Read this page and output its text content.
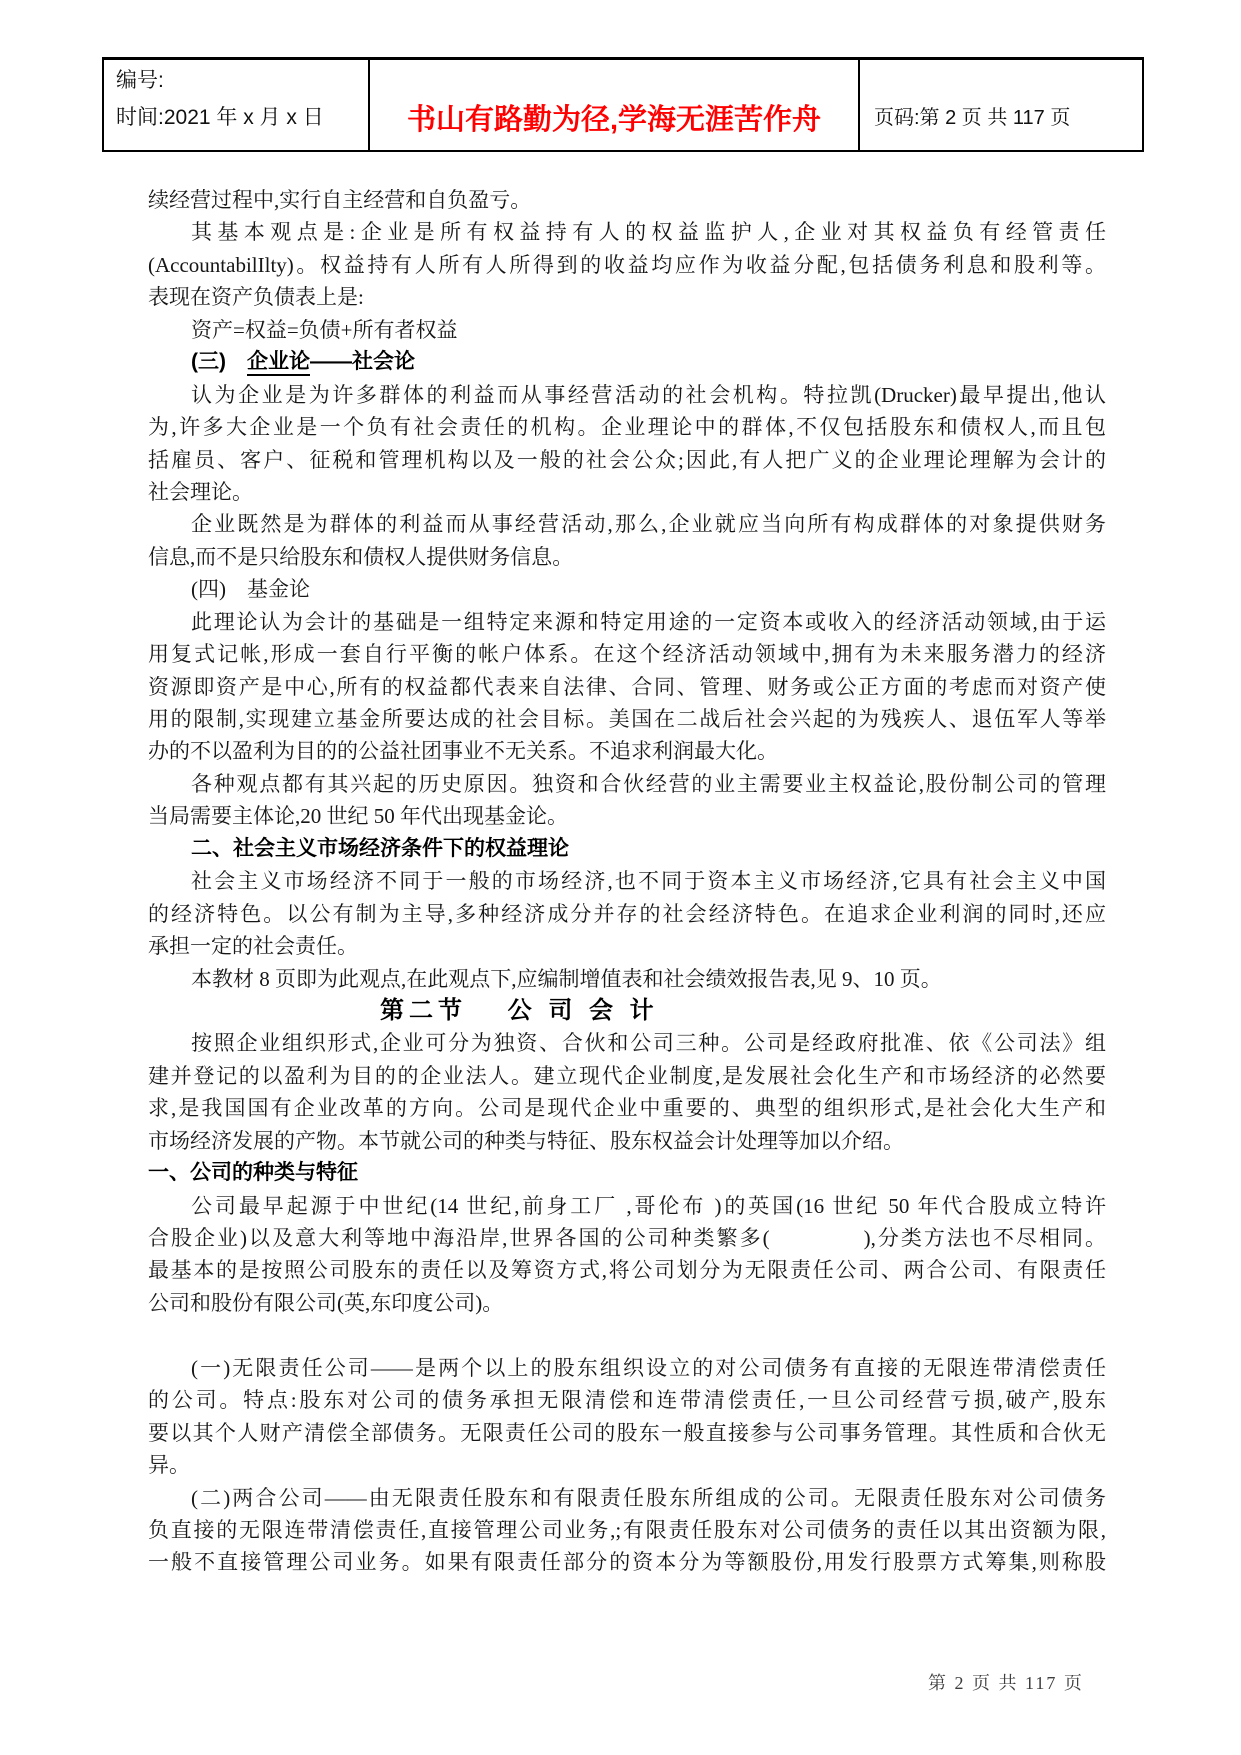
编号:
时间:2021 年 x 月 x 日	书山有路勤为径,学海无涯苦作舟	页码:第 2 页 共 117 页
续经营过程中,实行自主经营和自负盈亏。
其基本观点是:企业是所有权益持有人的权益监护人,企业对其权益负有经管责任
(AccountabilIlty)。权益持有人所有人所得到的收益均应作为收益分配,包括债务利息和股利等。
表现在资产负债表上是:
资产=权益=负债+所有者权益
(三)　企业论——社会论
认为企业是为许多群体的利益而从事经营活动的社会机构。特拉凯(Drucker)最早提出,他认
为,许多大企业是一个负有社会责任的机构。企业理论中的群体,不仅包括股东和债权人,而且包
括雇员、客户、征税和管理机构以及一般的社会公众;因此,有人把广义的企业理论理解为会计的
社会理论。
企业既然是为群体的利益而从事经营活动,那么,企业就应当向所有构成群体的对象提供财务
信息,而不是只给股东和债权人提供财务信息。
(四)　基金论
此理论认为会计的基础是一组特定来源和特定用途的一定资本或收入的经济活动领域,由于运
用复式记帐,形成一套自行平衡的帐户体系。在这个经济活动领域中,拥有为未来服务潜力的经济
资源即资产是中心,所有的权益都代表来自法律、合同、管理、财务或公正方面的考虑而对资产使
用的限制,实现建立基金所要达成的社会目标。美国在二战后社会兴起的为残疾人、退伍军人等举
办的不以盈利为目的的公益社团事业不无关系。不追求利润最大化。
各种观点都有其兴起的历史原因。独资和合伙经营的业主需要业主权益论,股份制公司的管理
当局需要主体论,20 世纪 50 年代出现基金论。
二、社会主义市场经济条件下的权益理论
社会主义市场经济不同于一般的市场经济,也不同于资本主义市场经济,它具有社会主义中国
的经济特色。以公有制为主导,多种经济成分并存的社会经济特色。在追求企业利润的同时,还应
承担一定的社会责任。
本教材 8 页即为此观点,在此观点下,应编制增值表和社会绩效报告表,见 9、10 页。
第二节　 公 司 会 计
按照企业组织形式,企业可分为独资、合伙和公司三种。公司是经政府批准、依《公司法》组
建并登记的以盈利为目的的企业法人。建立现代企业制度,是发展社会化生产和市场经济的必然要
求,是我国国有企业改革的方向。公司是现代企业中重要的、典型的组织形式,是社会化大生产和
市场经济发展的产物。本节就公司的种类与特征、股东权益会计处理等加以介绍。
一、公司的种类与特征
公司最早起源于中世纪(14 世纪,前身工厂 ,哥伦布 )的英国(16 世纪 50 年代合股成立特许
合股企业)以及意大利等地中海沿岸,世界各国的公司种类繁多(　　　　),分类方法也不尽相同。
最基本的是按照公司股东的责任以及筹资方式,将公司划分为无限责任公司、两合公司、有限责任
公司和股份有限公司(英,东印度公司)。

(一)无限责任公司——是两个以上的股东组织设立的对公司债务有直接的无限连带清偿责任
的公司。特点:股东对公司的债务承担无限清偿和连带清偿责任,一旦公司经营亏损,破产,股东
要以其个人财产清偿全部债务。无限责任公司的股东一般直接参与公司事务管理。其性质和合伙无
异。
(二)两合公司——由无限责任股东和有限责任股东所组成的公司。无限责任股东对公司债务
负直接的无限连带清偿责任,直接管理公司业务,;有限责任股东对公司债务的责任以其出资额为限,
一般不直接管理公司业务。如果有限责任部分的资本分为等额股份,用发行股票方式筹集,则称股
第 2 页 共 117 页
